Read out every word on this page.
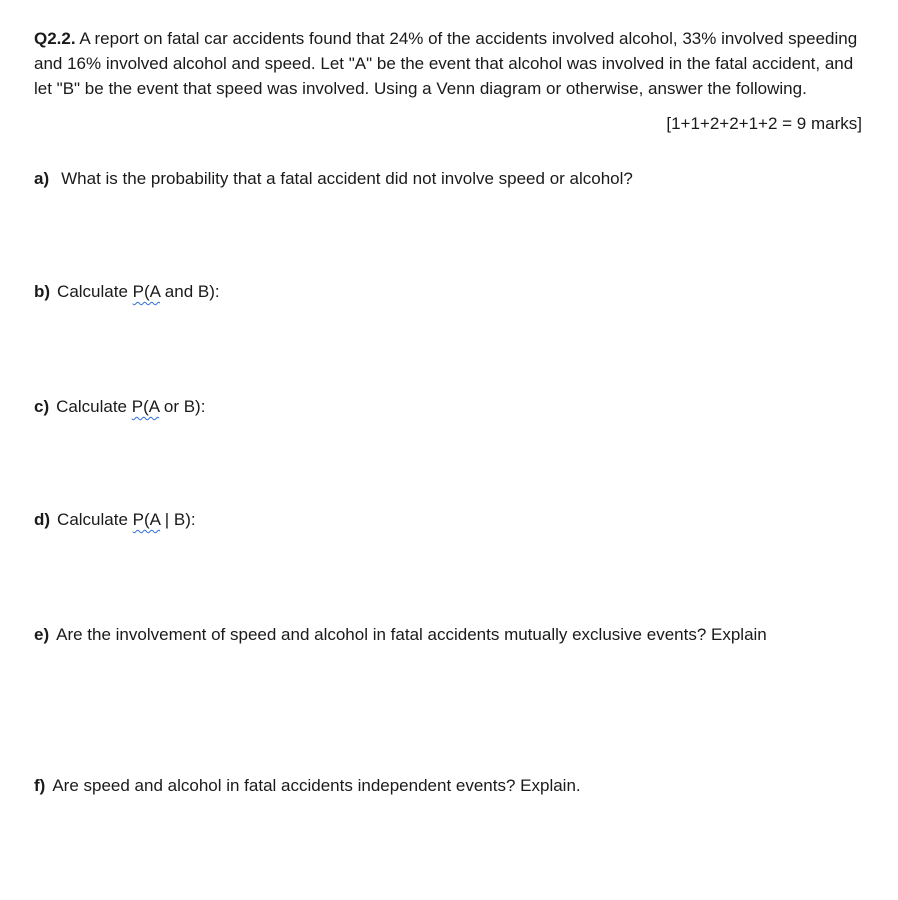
Q2.2. A report on fatal car accidents found that 24% of the accidents involved alcohol, 33% involved speeding and 16% involved alcohol and speed. Let "A" be the event that alcohol was involved in the fatal accident, and let "B" be the event that speed was involved. Using a Venn diagram or otherwise, answer the following.

[1+1+2+2+1+2 = 9 marks]

a) What is the probability that a fatal accident did not involve speed or alcohol?

b) Calculate P(A and B):

c) Calculate P(A or B):

d) Calculate P(A | B):

e) Are the involvement of speed and alcohol in fatal accidents mutually exclusive events? Explain

f) Are speed and alcohol in fatal accidents independent events? Explain.
